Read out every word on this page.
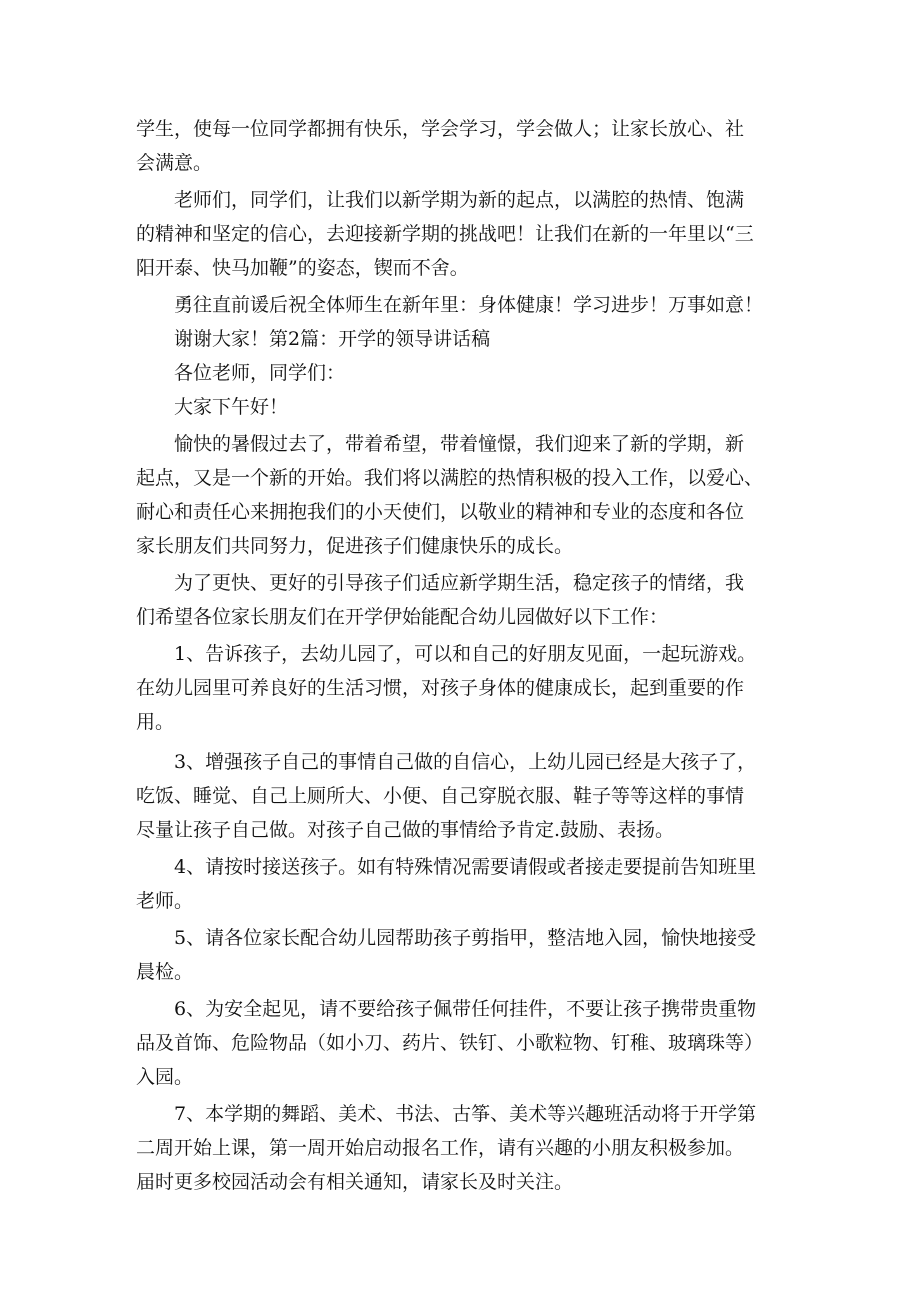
学生，使每一位同学都拥有快乐，学会学习，学会做人；让家长放心、社

会满意。

老师们，同学们，让我们以新学期为新的起点，以满腔的热情、饱满

的精神和坚定的信心，去迎接新学期的挑战吧！让我们在新的一年里以“三

阳开泰、快马加鞭”的姿态，锲而不舍。

勇往直前谖后祝全体师生在新年里：身体健康！学习进步！万事如意！

谢谢大家！第2篇：开学的领导讲话稿

各位老师，同学们：

大家下午好！

愉快的暑假过去了，带着希望，带着憧憬，我们迎来了新的学期，新

起点，又是一个新的开始。我们将以满腔的热情积极的投入工作，以爱心、

耐心和责任心来拥抱我们的小天使们，以敬业的精神和专业的态度和各位

家长朋友们共同努力，促进孩子们健康快乐的成长。

为了更快、更好的引导孩子们适应新学期生活，稳定孩子的情绪，我

们希望各位家长朋友们在开学伊始能配合幼儿园做好以下工作：

1、告诉孩子，去幼儿园了，可以和自己的好朋友见面，一起玩游戏。

在幼儿园里可养良好的生活习惯，对孩子身体的健康成长，起到重要的作

用。

3、增强孩子自己的事情自己做的自信心，上幼儿园已经是大孩子了，

吃饭、睡觉、自己上厕所大、小便、自己穿脱衣服、鞋子等等这样的事情

尽量让孩子自己做。对孩子自己做的事情给予肯定.鼓励、表扬。

4、请按时接送孩子。如有特殊情况需要请假或者接走要提前告知班里

老师。

5、请各位家长配合幼儿园帮助孩子剪指甲，整洁地入园，愉快地接受

晨检。

6、为安全起见，请不要给孩子佩带任何挂件，不要让孩子携带贵重物

品及首饰、危险物品（如小刀、药片、铁钉、小歌粒物、钉稚、玻璃珠等）

入园。

7、本学期的舞蹈、美术、书法、古筝、美术等兴趣班活动将于开学第

二周开始上课，第一周开始启动报名工作，请有兴趣的小朋友积极参加。

届时更多校园活动会有相关通知，请家长及时关注。
